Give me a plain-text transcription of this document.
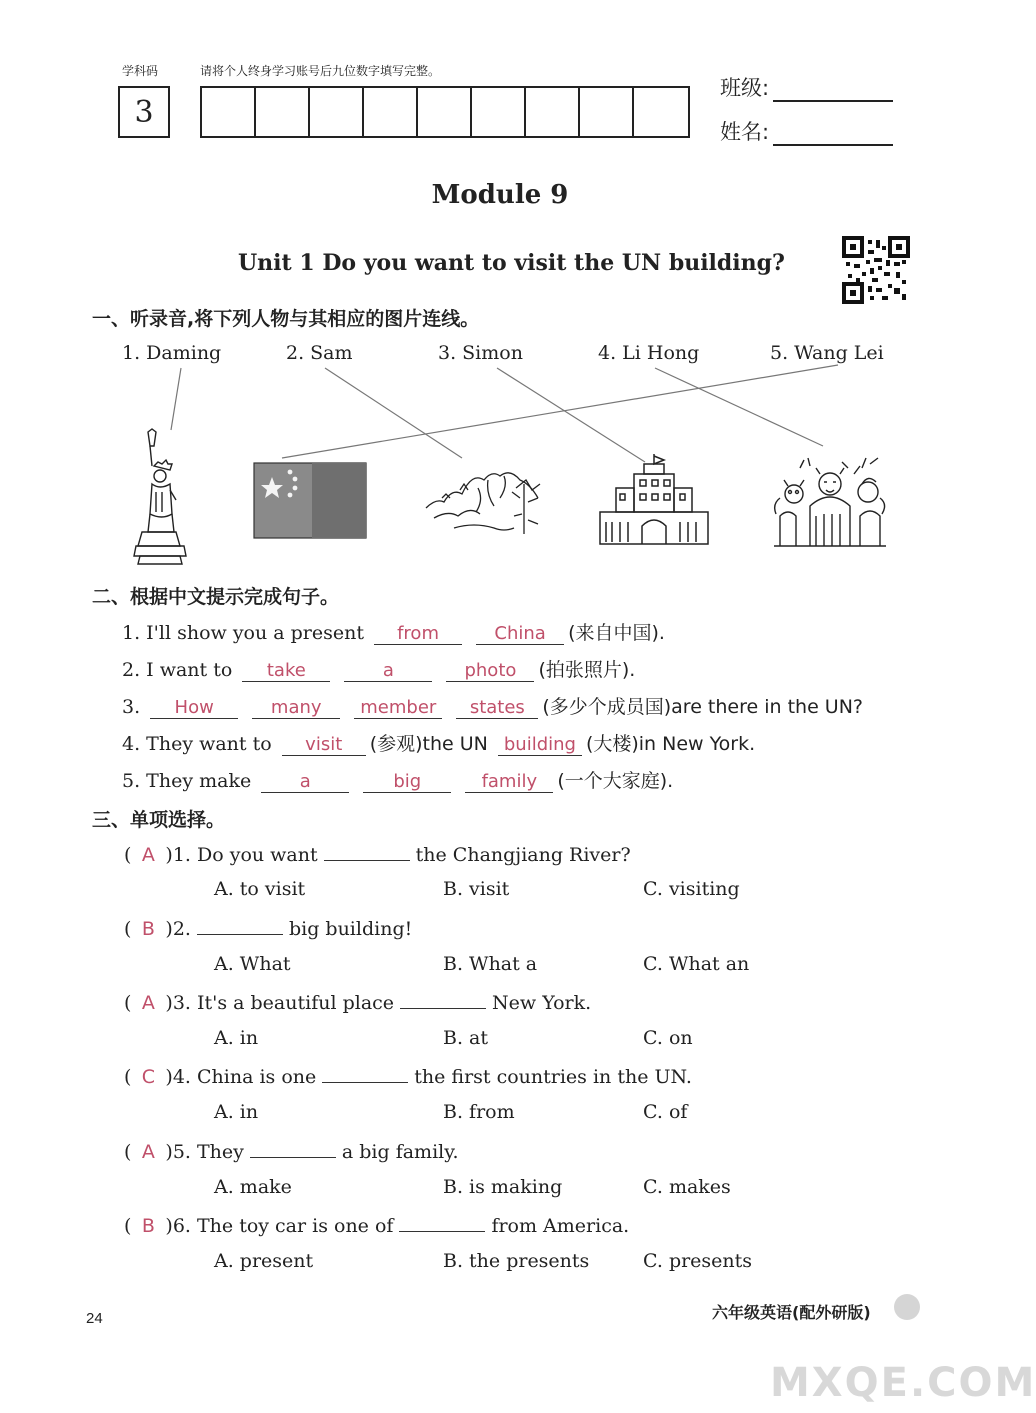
学科码	请将个人终身学习账号后九位数字填写完整。
3
班级:
姓名:
Module 9
Unit 1 Do you want to visit the UN building?
一、听录音,将下列人物与其相应的图片连线。
1. Daming	2. Sam	3. Simon	4. Li Hong	5. Wang Lei
二、根据中文提示完成句子。
1. I'll show you a present from	China (来自中国).
2. I want to take	a	photo (拍张照片).
3. How	many member states (多少个成员国)are there in the UN?
4. They want to visit (参观)the UN building (大楼)in New York.
5. They make	a	big	family (一个大家庭).
三、单项选择。
( A )1. Do you want	the Changjiang River?
A. to visit	B. visit	C. visiting
( B )2.	big building!
A. What	B. What a	C. What an
( A )3. It's a beautiful place	New York.
A. in	B. at	C. on
( C )4. China is one	the first countries in the UN.
A. in	B. from	C. of
( A )5. They	a big family.
A. make	B. is making	C. makes
( B )6. The toy car is one of	from America.
A. present	B. the presents	C. presents
24	六年级英语(配外研版)
MXQE.COM
